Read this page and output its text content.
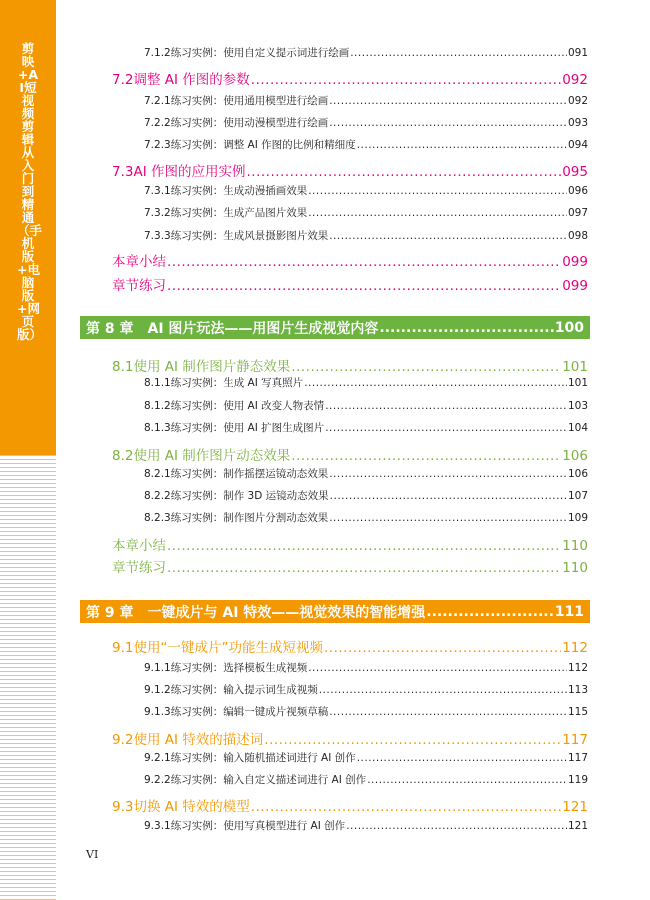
剪映+AI短视频剪辑从入门到精通（手机版+电脑版+网页版）
7.1.2 练习实例：使用自定义提示词进行绘画 .....	091
7.2 调整 AI 作图的参数 .....	092
7.2.1 练习实例：使用通用模型进行绘画 .....	092
7.2.2 练习实例：使用动漫模型进行绘画 .....	093
7.2.3 练习实例：调整 AI 作图的比例和精细度 .....	094
7.3 AI 作图的应用实例 .....	095
7.3.1 练习实例：生成动漫插画效果 .....	096
7.3.2 练习实例：生成产品图片效果 .....	097
7.3.3 练习实例：生成风景摄影图片效果 .....	098
本章小结 .....	099
章节练习 .....	099
第 8 章　AI 图片玩法——用图片生成视觉内容 .....	100
8.1 使用 AI 制作图片静态效果 .....	101
8.1.1 练习实例：生成 AI 写真照片 .....	101
8.1.2 练习实例：使用 AI 改变人物表情 .....	103
8.1.3 练习实例：使用 AI 扩图生成图片 .....	104
8.2 使用 AI 制作图片动态效果 .....	106
8.2.1 练习实例：制作摇摆运镜动态效果 .....	106
8.2.2 练习实例：制作 3D 运镜动态效果 .....	107
8.2.3 练习实例：制作图片分割动态效果 .....	109
本章小结 .....	110
章节练习 .....	110
第 9 章　一键成片与 AI 特效——视觉效果的智能增强 .....	111
9.1 使用“一键成片”功能生成短视频 .....	112
9.1.1 练习实例：选择模板生成视频 .....	112
9.1.2 练习实例：输入提示词生成视频 .....	113
9.1.3 练习实例：编辑一键成片视频草稿 .....	115
9.2 使用 AI 特效的描述词 .....	117
9.2.1 练习实例：输入随机描述词进行 AI 创作 .....	117
9.2.2 练习实例：输入自定义描述词进行 AI 创作 .....	119
9.3 切换 AI 特效的模型 .....	121
9.3.1 练习实例：使用写真模型进行 AI 创作 .....	121
VI
